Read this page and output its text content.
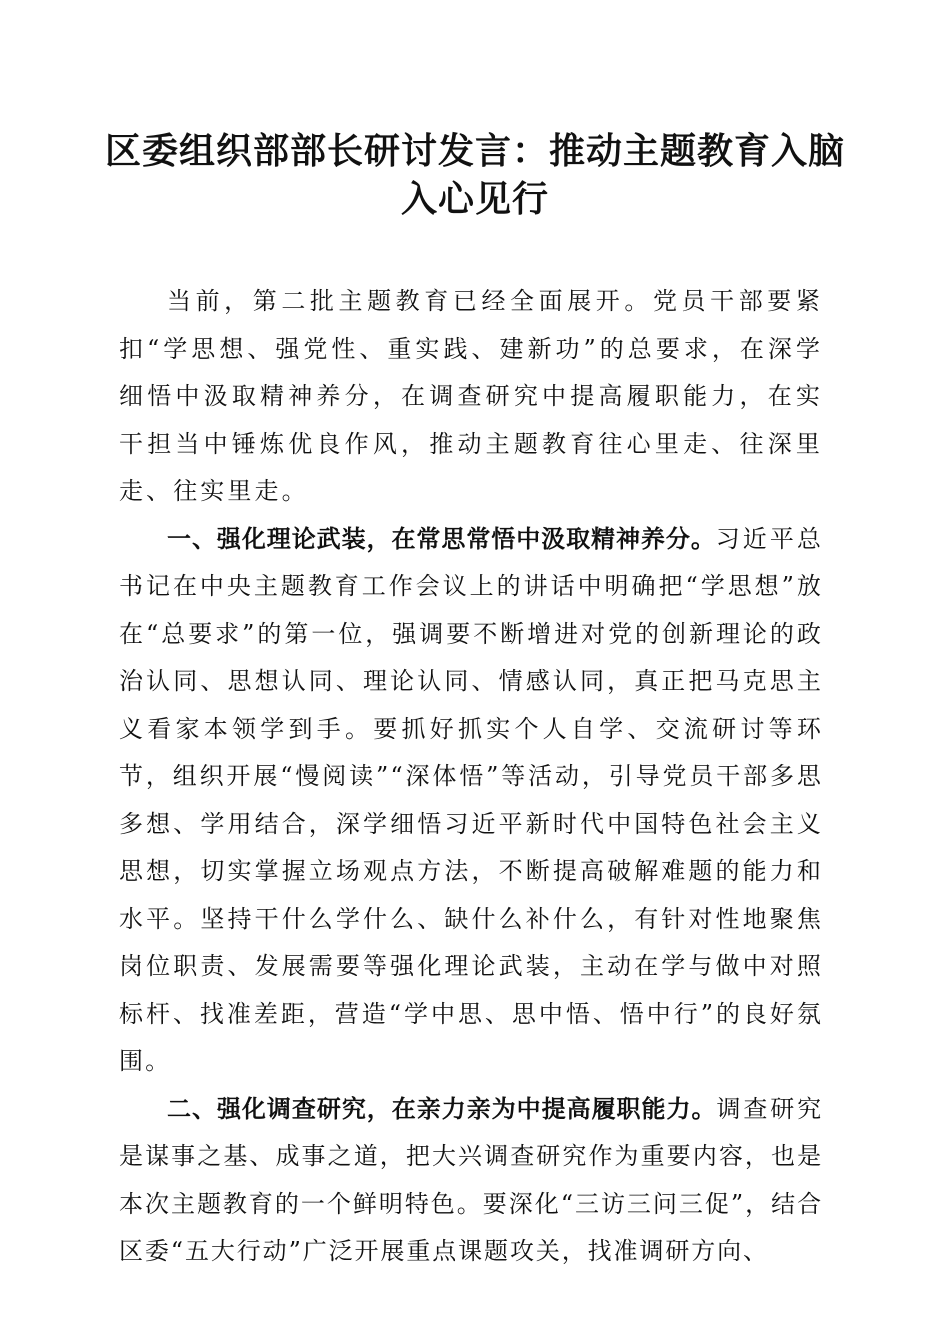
区委组织部部长研讨发言：推动主题教育入脑
入心见行

当前，第二批主题教育已经全面展开。党员干部要紧扣“学思想、强党性、重实践、建新功”的总要求，在深学细悟中汲取精神养分，在调查研究中提高履职能力，在实干担当中锤炼优良作风，推动主题教育往心里走、往深里走、往实里走。

一、强化理论武装，在常思常悟中汲取精神养分。习近平总书记在中央主题教育工作会议上的讲话中明确把“学思想”放在“总要求”的第一位，强调要不断增进对党的创新理论的政治认同、思想认同、理论认同、情感认同，真正把马克思主义看家本领学到手。要抓好抓实个人自学、交流研讨等环节，组织开展“慢阅读”“深体悟”等活动，引导党员干部多思多想、学用结合，深学细悟习近平新时代中国特色社会主义思想，切实掌握立场观点方法，不断提高破解难题的能力和水平。坚持干什么学什么、缺什么补什么，有针对性地聚焦岗位职责、发展需要等强化理论武装，主动在学与做中对照标杆、找准差距，营造“学中思、思中悟、悟中行”的良好氛围。

二、强化调查研究，在亲力亲为中提高履职能力。调查研究是谋事之基、成事之道，把大兴调查研究作为重要内容，也是本次主题教育的一个鲜明特色。要深化“三访三问三促”，结合区委“五大行动”广泛开展重点课题攻关，找准调研方向、
